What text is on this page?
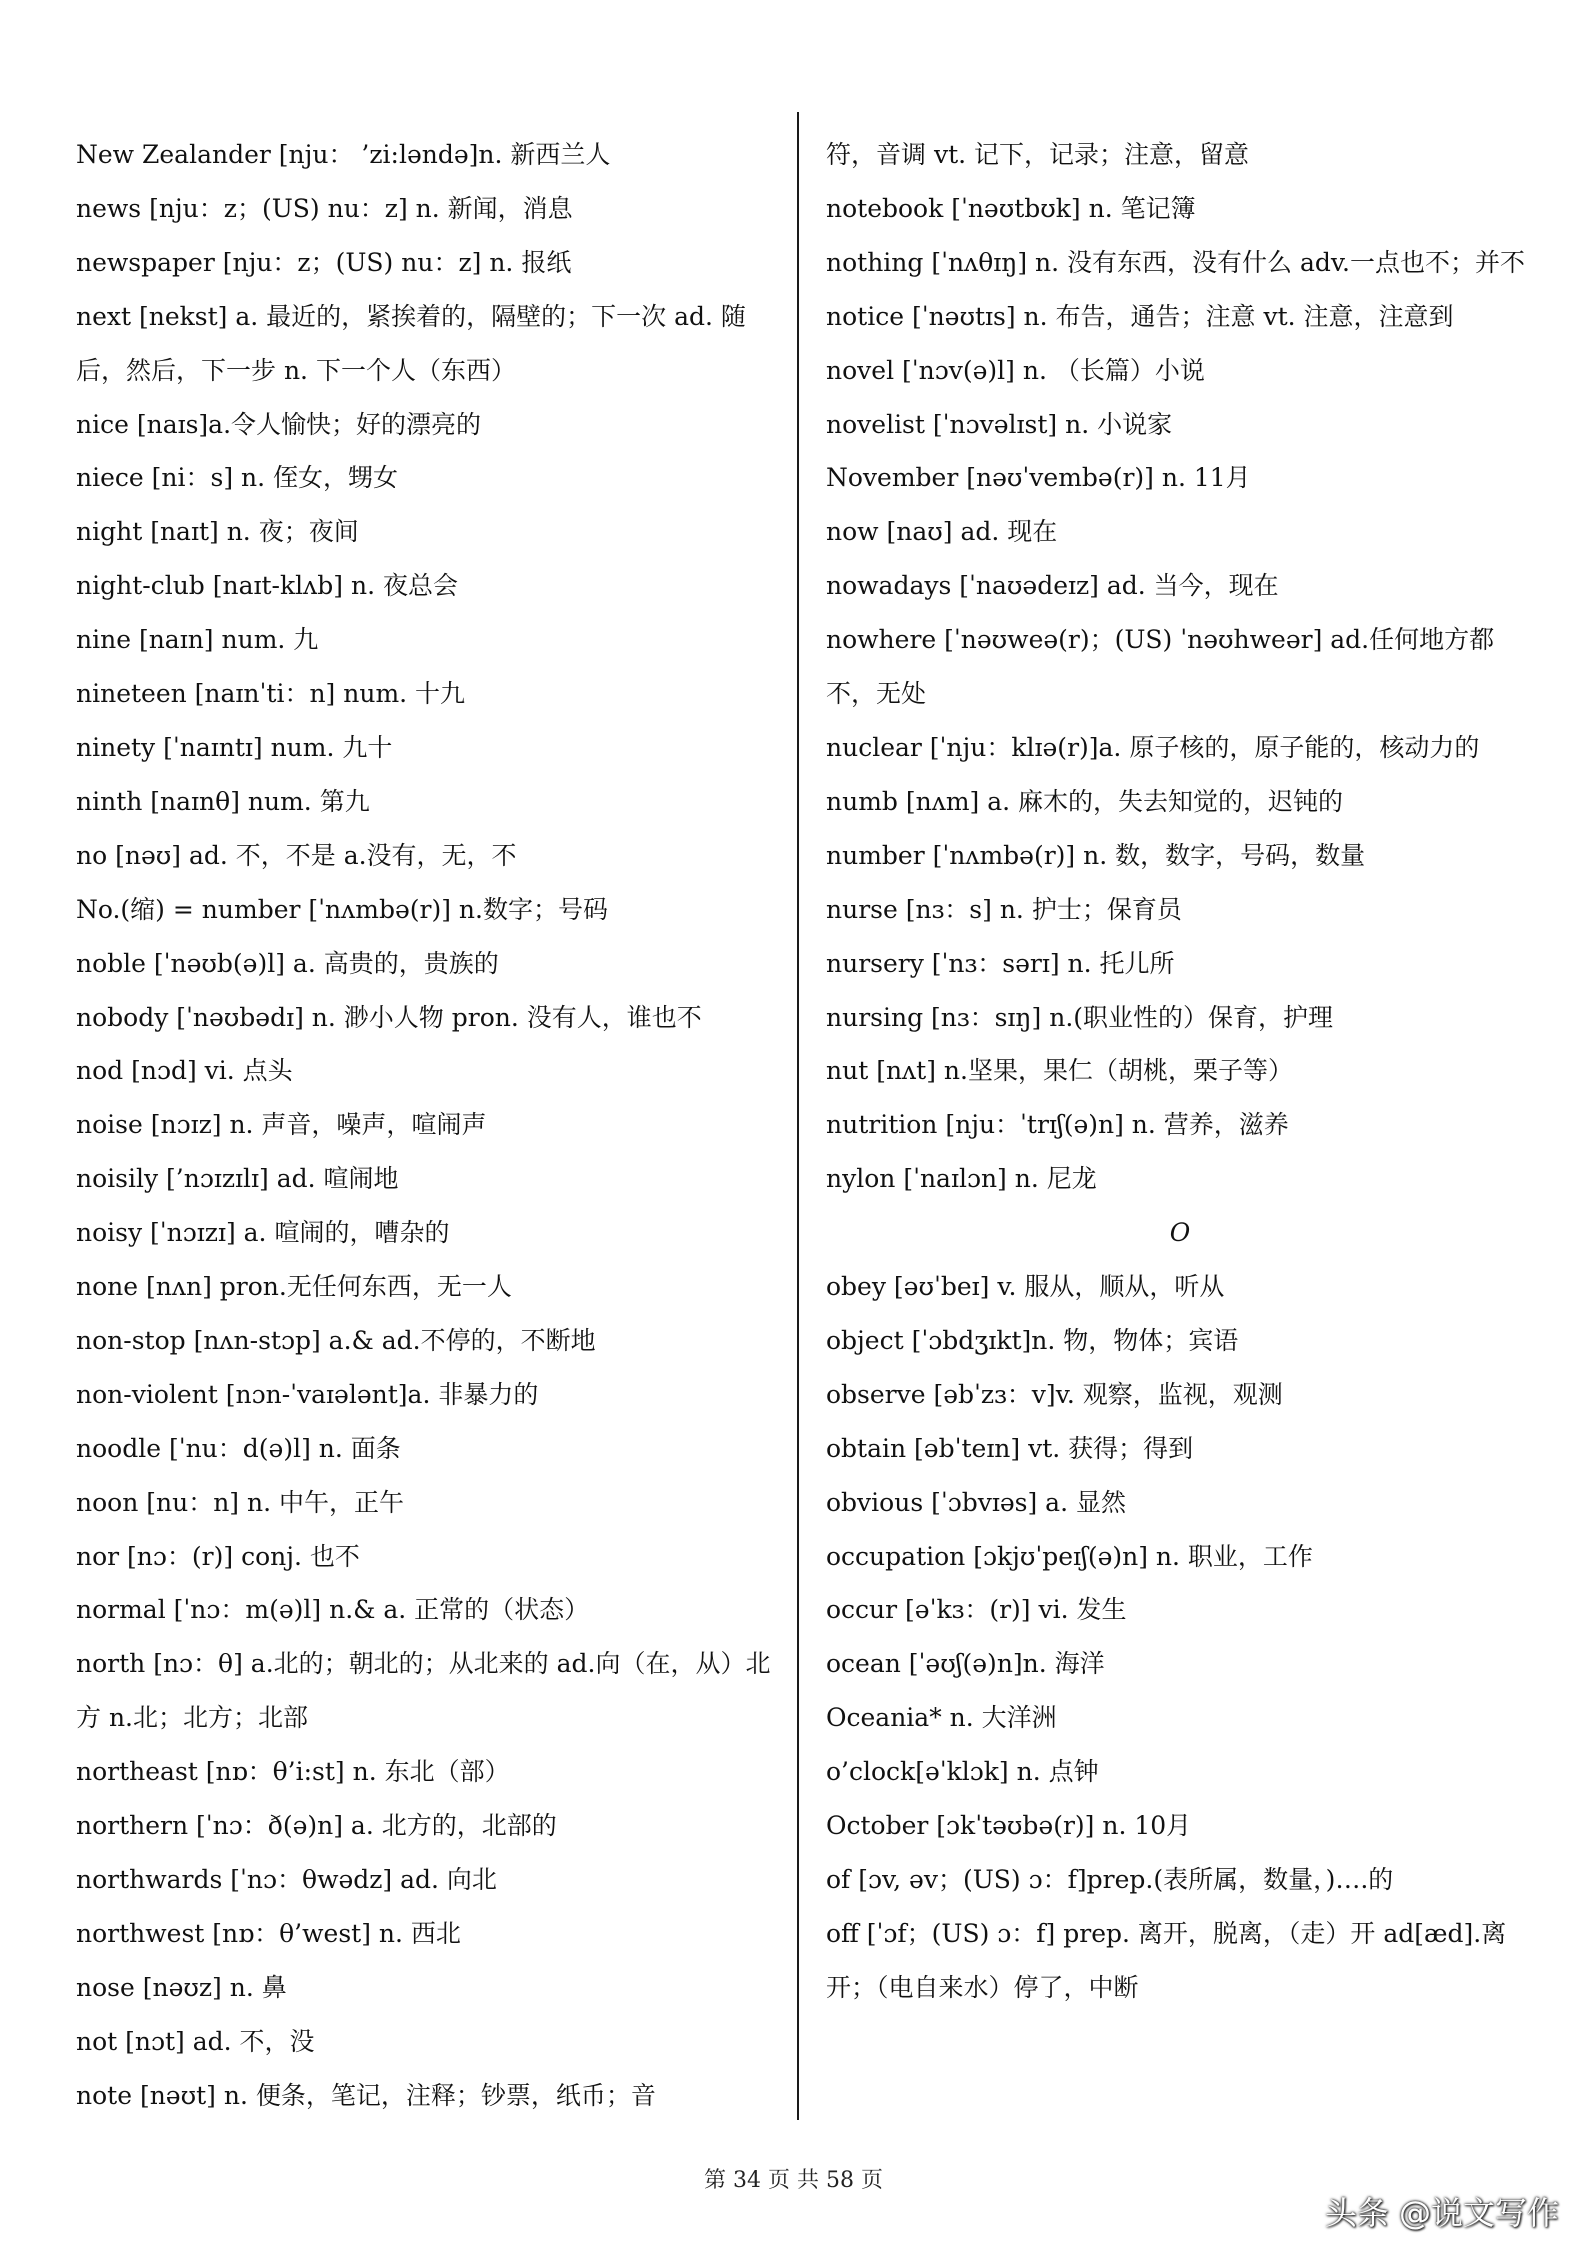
New Zealander [nju： ’zi:ləndə]n. 新西兰人
news [nju：z；(US) nu：z] n. 新闻，消息
newspaper [nju：z；(US) nu：z] n. 报纸
next [nekst] a. 最近的，紧挨着的，隔壁的；下一次 ad. 随后，然后，下一步 n. 下一个人（东西）
nice [naɪs]a.令人愉快；好的漂亮的
niece [ni：s] n. 侄女，甥女
night [naɪt] n. 夜；夜间
night-club [naɪt-klʌb] n. 夜总会
nine [naɪn] num. 九
nineteen [naɪnˈti：n] num. 十九
ninety [ˈnaɪntɪ] num. 九十
ninth [naɪnθ] num. 第九
no [nəʊ] ad. 不，不是 a.没有，无，不
No.(缩) = number [ˈnʌmbə(r)] n.数字；号码
noble [ˈnəʊb(ə)l] a. 高贵的，贵族的
nobody [ˈnəʊbədɪ] n. 渺小人物 pron. 没有人，谁也不
nod [nɔd] vi. 点头
noise [nɔɪz] n. 声音，噪声，喧闹声
noisily [’nɔɪzɪlɪ] ad. 喧闹地
noisy [ˈnɔɪzɪ] a. 喧闹的，嘈杂的
none [nʌn] pron.无任何东西，无一人
non-stop [nʌn-stɔp] a.& ad.不停的，不断地
non-violent [nɔn-ˈvaɪələnt]a. 非暴力的
noodle [ˈnu：d(ə)l] n. 面条
noon [nu：n] n. 中午，正午
nor [nɔ：(r)] conj. 也不
normal [ˈnɔ：m(ə)l] n.& a. 正常的（状态）
north [nɔ：θ] a.北的；朝北的；从北来的 ad.向（在，从）北方 n.北；北方；北部
northeast [nɒ：θ’i:st] n. 东北（部）
northern [ˈnɔ：ð(ə)n] a. 北方的，北部的
northwards [ˈnɔ：θwədz] ad. 向北
northwest [nɒ：θ’west] n. 西北
nose [nəʊz] n. 鼻
not [nɔt] ad. 不，没
note [nəʊt] n. 便条，笔记，注释；钞票，纸币；音
符，音调 vt. 记下，记录；注意，留意
notebook [ˈnəʊtbʊk] n. 笔记簿
nothing [ˈnʌθɪŋ] n. 没有东西，没有什么 adv.一点也不；并不
notice [ˈnəʊtɪs] n. 布告，通告；注意 vt. 注意，注意到
novel [ˈnɔv(ə)l] n. （长篇）小说
novelist [ˈnɔvəlɪst] n. 小说家
November [nəʊˈvembə(r)] n. 11月
now [naʊ] ad. 现在
nowadays [ˈnaʊədeɪz] ad. 当今，现在
nowhere [ˈnəʊweə(r)；(US) ˈnəʊhweər] ad.任何地方都不，无处
nuclear [ˈnju：klɪə(r)]a. 原子核的，原子能的，核动力的
numb [nʌm] a. 麻木的，失去知觉的，迟钝的
number [ˈnʌmbə(r)] n. 数，数字，号码，数量
nurse [nɜ：s] n. 护士；保育员
nursery [ˈnɜ：sərɪ] n. 托儿所
nursing [nɜ：sɪŋ] n.(职业性的）保育，护理
nut [nʌt] n.坚果，果仁（胡桃，栗子等）
nutrition [nju：ˈtrɪʃ(ə)n] n. 营养，滋养
nylon [ˈnaɪlɔn] n. 尼龙
O
obey [əʊˈbeɪ] v. 服从，顺从，听从
object [ˈɔbdʒɪkt]n. 物，物体；宾语
observe [əbˈzɜ：v]v. 观察，监视，观测
obtain [əbˈteɪn] vt. 获得；得到
obvious [ˈɔbvɪəs] a. 显然
occupation [ɔkjʊˈpeɪʃ(ə)n] n. 职业，工作
occur [əˈkɜ：(r)] vi. 发生
ocean [ˈəʊʃ(ə)n]n. 海洋
Oceania* n. 大洋洲
o’clock[əˈklɔk] n. 点钟
October [ɔkˈtəʊbə(r)] n. 10月
of [ɔv, əv；(US) ɔ：f]prep.(表所属，数量，)….的
off [ˈɔf；(US) ɔ：f] prep. 离开，脱离，（走）开 ad[æd].离开；（电自来水）停了，中断
第 34 页 共 58 页
头条 @说文写作
